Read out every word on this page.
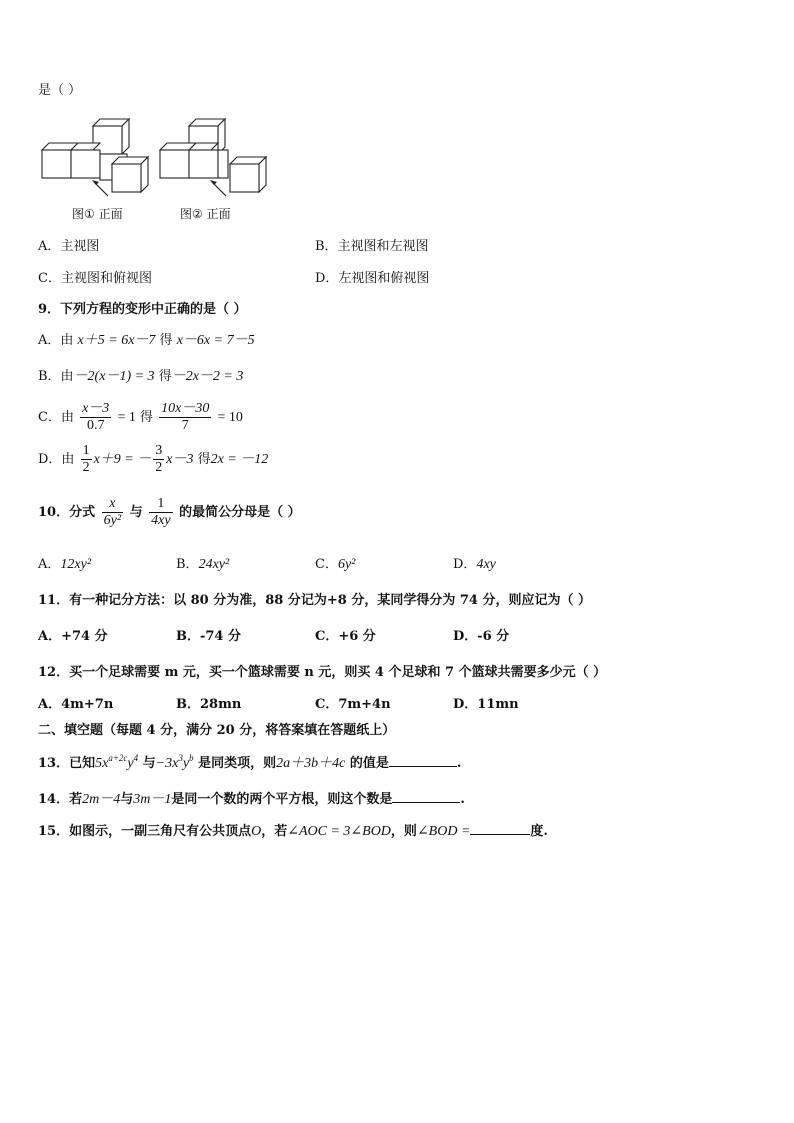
是（ ）
图① 正面	图② 正面
A．主视图	B．主视图和左视图
C．主视图和俯视图	D．左视图和俯视图
9．下列方程的变形中正确的是（ ）
A．由 x＋5 = 6x－7 得 x－6x = 7－5
B．由－2(x－1) = 3 得－2x－2 = 3
C．由 $\frac{x-3}{0.7} = 1$ 得 $\frac{10x-30}{7} = 10$
D．由 $\frac{1}{2} x+9$ = － $\frac{3}{2} x-3$ 得2x = －12
10．分式 $\frac{x}{\text{6y²}}$ 与 $\frac{1}{4xy}$ 的最简公分母是（ ）
A．12xy²	B．24xy²	C．6y²	D．4xy
11．有一种记分方法：以 80 分为准，88 分记为+8 分，某同学得分为 74 分，则应记为（ ）
A．+74 分	B．-74 分	C．+6 分	D．-6 分
12．买一个足球需要 m 元，买一个篮球需要 n 元，则买 4 个足球和 7 个篮球共需要多少元（ ）
A．4m+7n	B．28mn	C．7m+4n	D．11mn
二、填空题（每题 4 分，满分 20 分，将答案填在答题纸上）
13．已知$5x^{a+2c}y^4$ 与$-3x^3y^b$ 是同类项，则2a＋3b＋4c 的值是	.
14．若2m－4与3m－1是同一个数的两个平方根，则这个数是	.
15．如图示，一副三角尺有公共顶点O，若∠AOC = 3∠BOD，则∠BOD =	度.
